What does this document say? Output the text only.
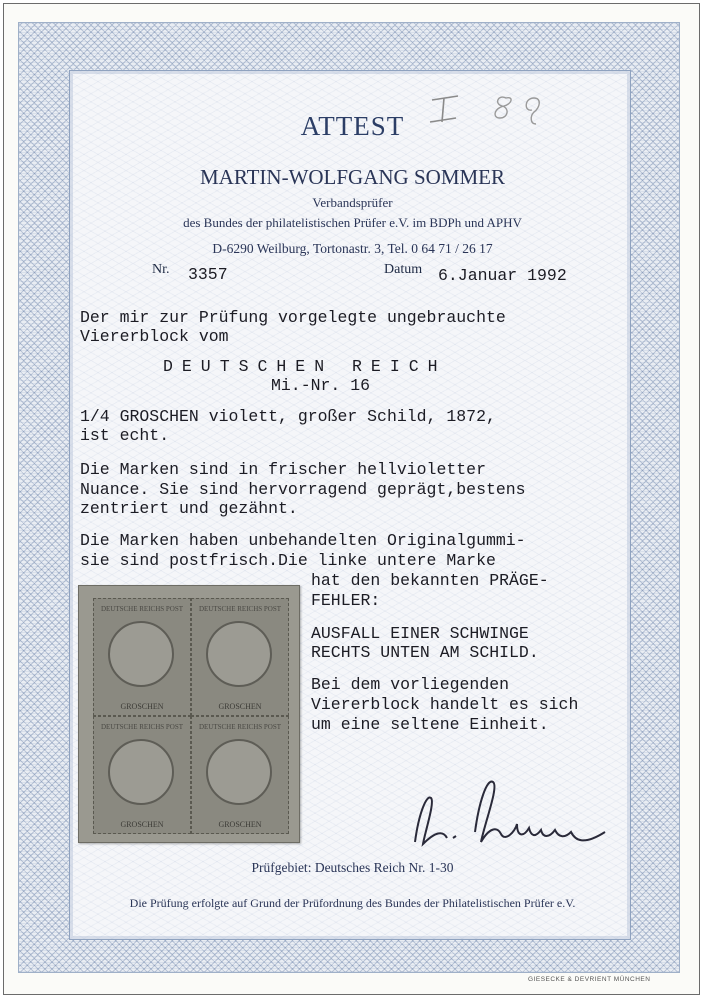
ATTEST
MARTIN-WOLFGANG SOMMER
Verbandsprüfer
des Bundes der philatelistischen Prüfer e.V. im BDPh und APHV
D-6290 Weilburg, Tortonastr. 3, Tel. 0 64 71 / 26 17
Nr. 3357	Datum 6.Januar 1992
Der mir zur Prüfung vorgelegte ungebrauchte
Viererblock vom
DEUTSCHEN REICH
Mi.-Nr. 16
1/4 GROSCHEN violett, großer Schild, 1872,
ist echt.
Die Marken sind in frischer hellvioletter
Nuance. Sie sind hervorragend geprägt,bestens
zentriert und gezähnt.
Die Marken haben unbehandelten Originalgummi-
sie sind postfrisch.Die linke untere Marke
hat den bekannten PRÄGE-
FEHLER:
AUSFALL EINER SCHWINGE
RECHTS UNTEN AM SCHILD.
Bei dem vorliegenden
Viererblock handelt es sich
um eine seltene Einheit.
DEUTSCHE REICHS POST
GROSCHEN
DEUTSCHE REICHS POST
GROSCHEN
DEUTSCHE REICHS POST
GROSCHEN
DEUTSCHE REICHS POST
GROSCHEN
Prüfgebiet: Deutsches Reich Nr. 1-30
Die Prüfung erfolgte auf Grund der Prüfordnung des Bundes der Philatelistischen Prüfer e.V.
GIESECKE & DEVRIENT MÜNCHEN
